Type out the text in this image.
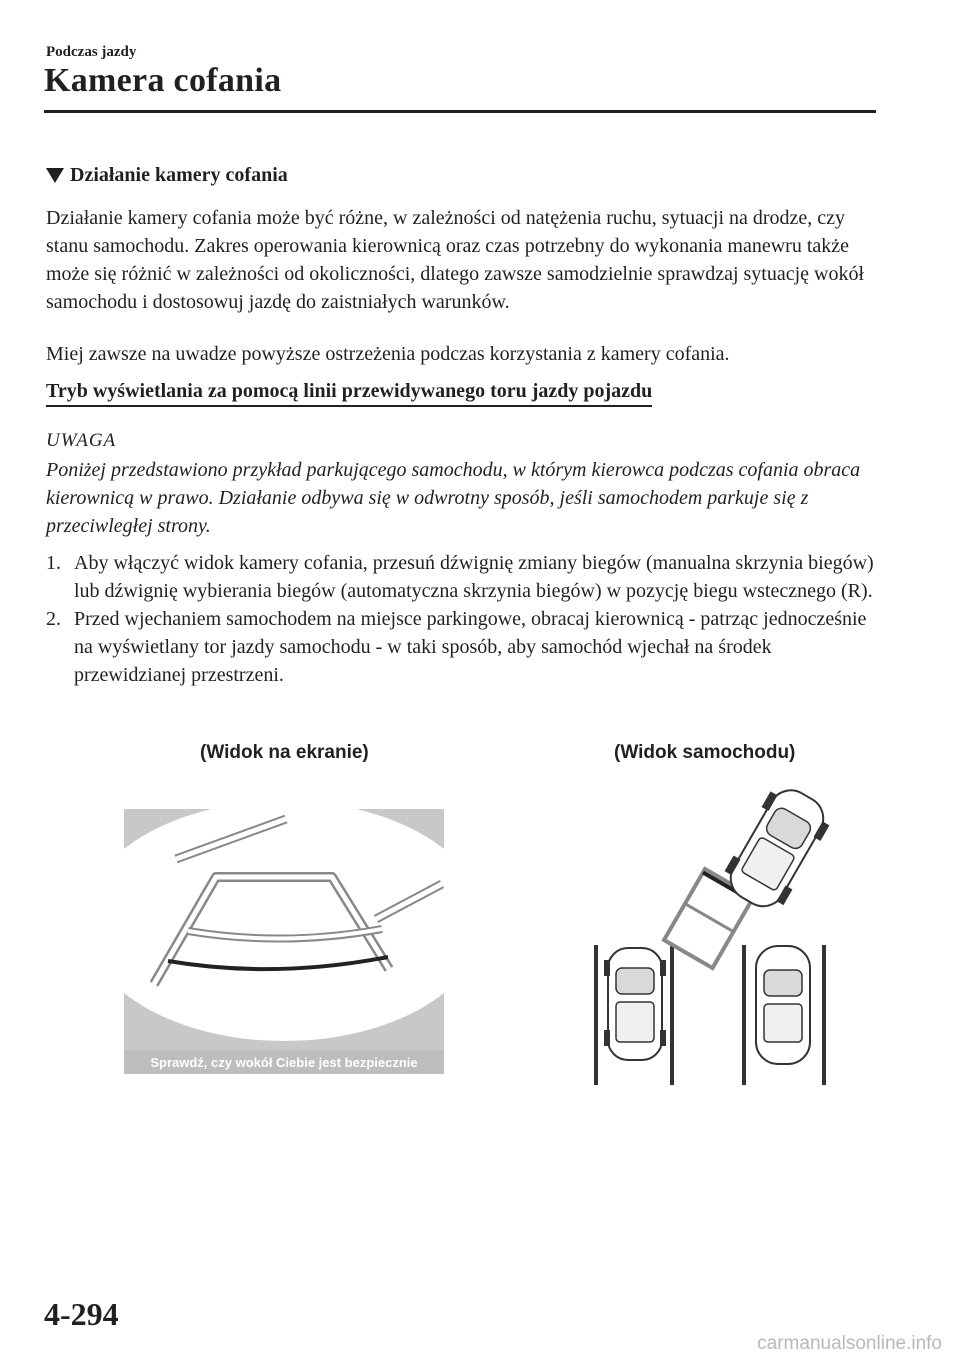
Podczas jazdy
Kamera cofania
Działanie kamery cofania

Działanie kamery cofania może być różne, w zależności od natężenia ruchu, sytuacji na drodze, czy stanu samochodu. Zakres operowania kierownicą oraz czas potrzebny do wykonania manewru także może się różnić w zależności od okoliczności, dlatego zawsze samodzielnie sprawdzaj sytuację wokół samochodu i dostosowuj jazdę do zaistniałych warunków.

Miej zawsze na uwadze powyższe ostrzeżenia podczas korzystania z kamery cofania.

Tryb wyświetlania za pomocą linii przewidywanego toru jazdy pojazdu
UWAGA

Poniżej przedstawiono przykład parkującego samochodu, w którym kierowca podczas cofania obraca kierownicą w prawo. Działanie odbywa się w odwrotny sposób, jeśli samochodem parkuje się z przeciwległej strony.

1. Aby włączyć widok kamery cofania, przesuń dźwignię zmiany biegów (manualna skrzynia biegów) lub dźwignię wybierania biegów (automatyczna skrzynia biegów) w pozycję biegu wstecznego (R).
2. Przed wjechaniem samochodem na miejsce parkingowe, obracaj kierownicą - patrząc jednocześnie na wyświetlany tor jazdy samochodu - w taki sposób, aby samochód wjechał na środek przewidzianej przestrzeni.
(Widok na ekranie)	(Widok samochodu)
Sprawdź, czy wokół Ciebie jest bezpiecznie
4-294
carmanualsonline.info
